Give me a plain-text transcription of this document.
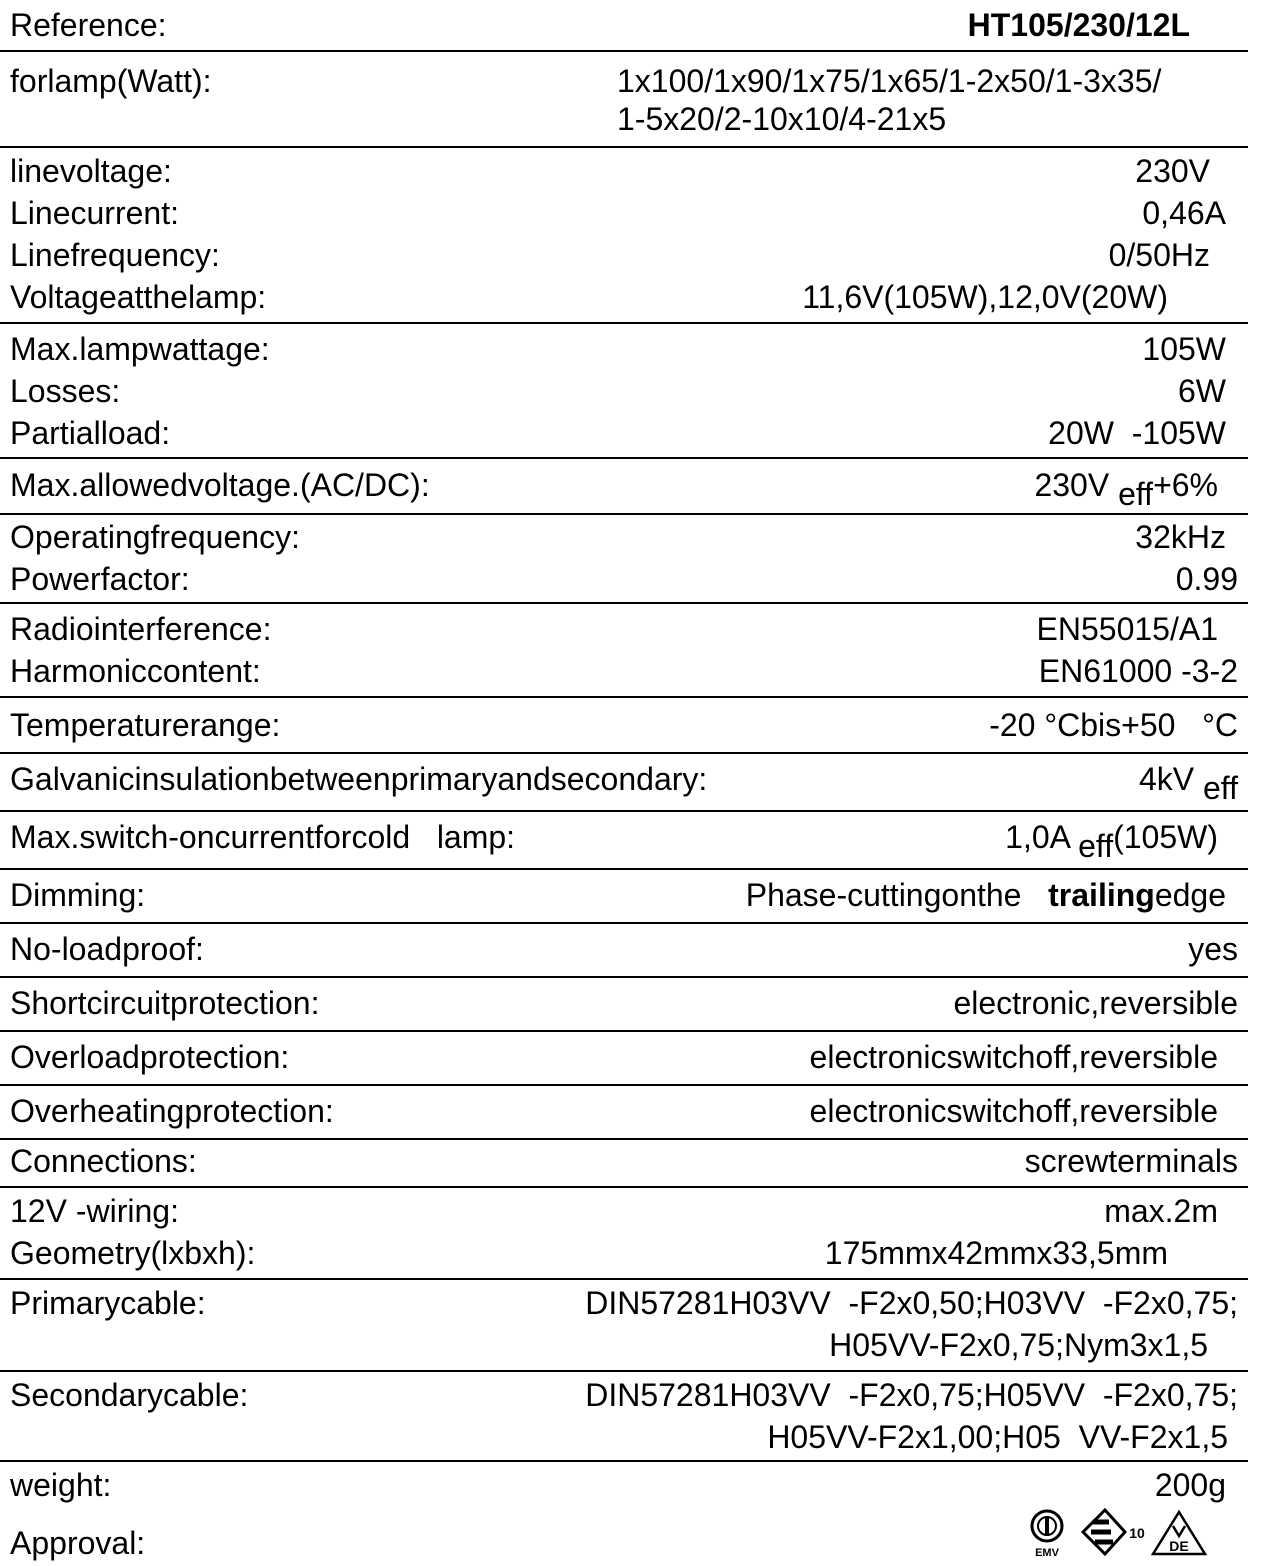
Reference:	HT105/230/12L
forlamp(Watt):	1x100/1x90/1x75/1x65/1-2x50/1-3x35/
1-5x20/2-10x10/4-21x5
linevoltage:	230V
Linecurrent:	0,46A
Linefrequency:	0/50Hz
Voltageatthelamp:	11,6V(105W),12,0V(20W)
Max.lampwattage:	105W
Losses:	6W
Partialload:	20W  -105W
Max.allowedvoltage.(AC/DC):	230V eff+6%
Operatingfrequency:	32kHz
Powerfactor:	0.99
Radiointerference:	EN55015/A1
Harmoniccontent:	EN61000 -3-2
Temperaturerange:	-20 °Cbis+50   °C
Galvanicinsulationbetweenprimaryandsecondary:	4kV eff
Max.switch-oncurrentforcold   lamp:	1,0A eff(105W)
Dimming:	Phase-cuttingonthe   trailingedge
No-loadproof:	yes
Shortcircuitprotection:	electronic,reversible
Overloadprotection:	electronicswitchoff,reversible
Overheatingprotection:	electronicswitchoff,reversible
Connections:	screwterminals
12V -wiring:	max.2m
Geometry(lxbxh):	175mmx42mmx33,5mm
Primarycable:	DIN57281H03VV  -F2x0,50;H03VV  -F2x0,75;
H05VV-F2x0,75;Nym3x1,5
Secondarycable:	DIN57281H03VV  -F2x0,75;H05VV  -F2x0,75;
H05VV-F2x1,00;H05  VV-F2x1,5
weight:	200g
Approval:	EMV
10
DE
